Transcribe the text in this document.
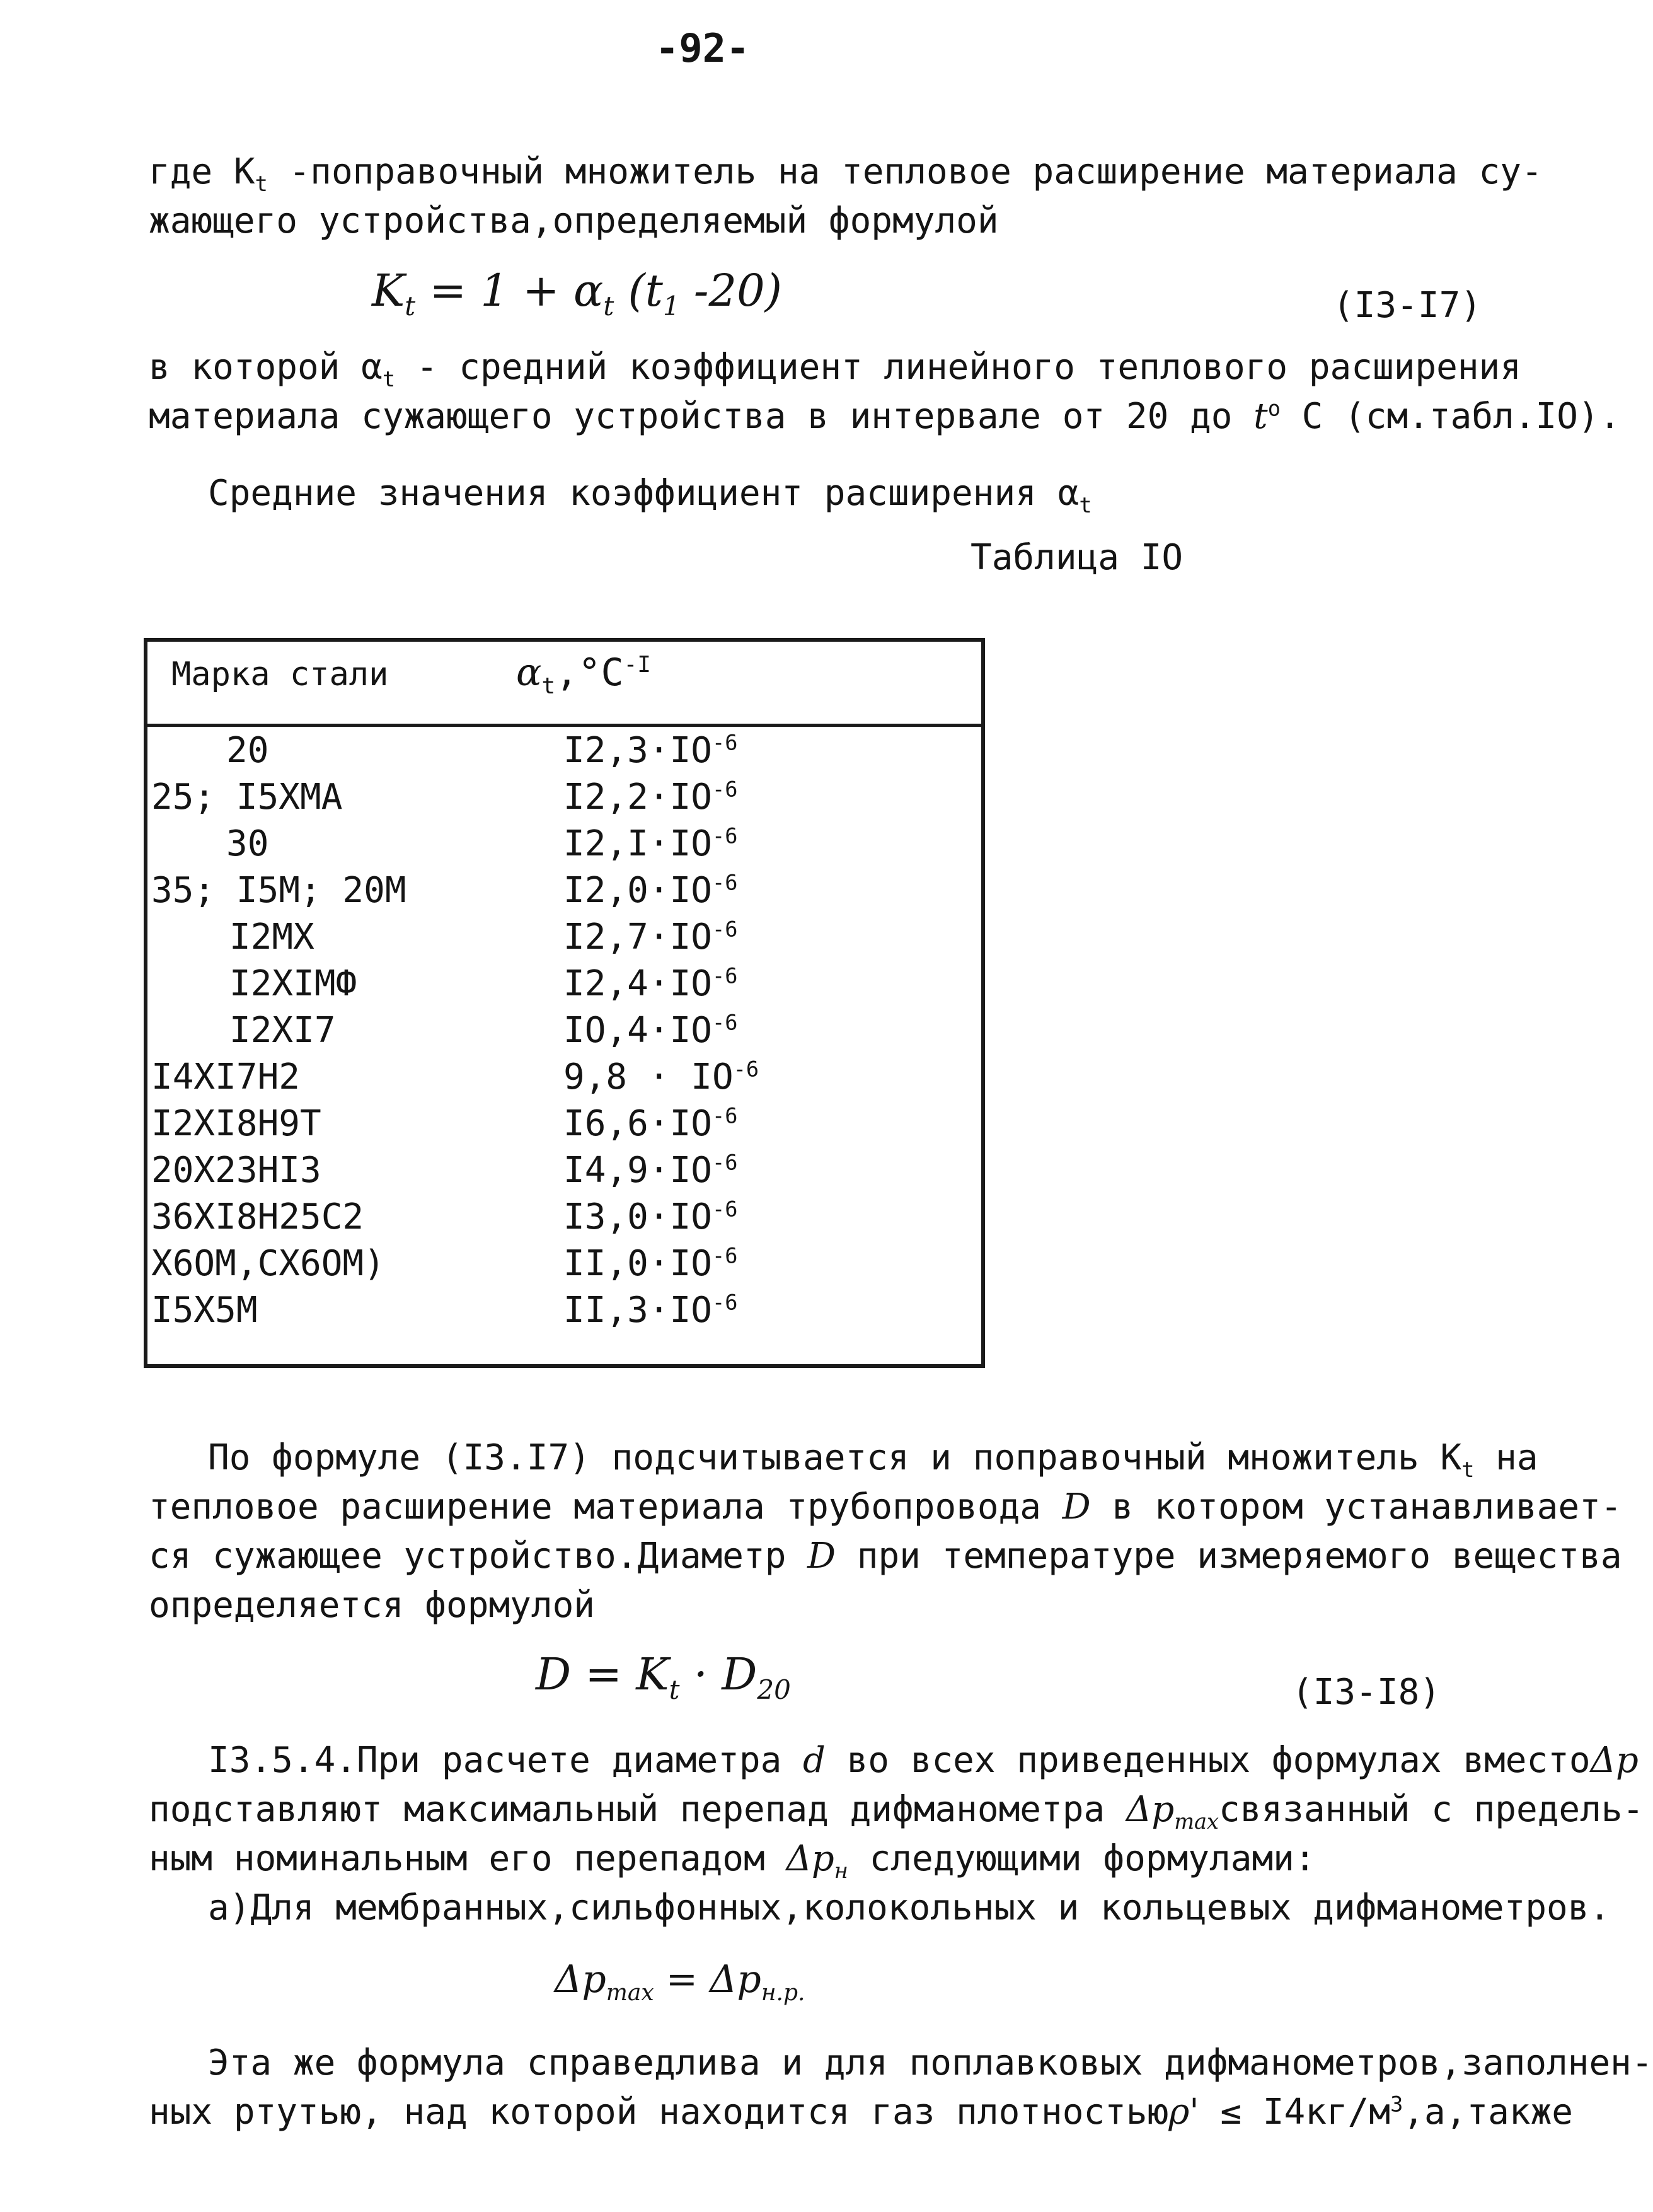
-92-
где $K_t$ -поправочный множитель на тепловое расширение материала су-
жающего устройства,определяемый формулой
$K_t = 1 + \alpha_t$ ($t_1$ -20)	(I3-I7)
в которой $\alpha_t$ - средний коэффициент линейного теплового расширения
материала сужающего устройства в интервале от 20 до $t^o$ С (см.табл.IO).
Средние значения коэффициент расширения $\alpha_t$
Таблица IO
Марка стали	$\alpha_t,^\circ C^{-I}$
20	$I2,3\cdot IO^{-6}$
25; I5XMA	$I2,2\cdot IO^{-6}$
30	$I2,I\cdot IO^{-6}$
35; I5M; 20M	$I2,0\cdot IO^{-6}$
I2MX	$I2,7\cdot IO^{-6}$
I2XIMФ	$I2,4\cdot IO^{-6}$
I2XI7	$IO,4\cdot IO^{-6}$
I4XI7H2	$9,8 \cdot IO^{-6}$
I2XI8H9T	$I6,6\cdot IO^{-6}$
20X23HI3	$I4,9\cdot IO^{-6}$
36XI8H25C2	$I3,0\cdot IO^{-6}$
X6OM,CX6OM)	$II,0\cdot IO^{-6}$
I5X5M	$II,3\cdot IO^{-6}$
По формуле (I3.I7) подсчитывается и поправочный множитель $K_t$ на
тепловое расширение материала трубопровода D в котором устанавливает-
ся сужающее устройство.Диаметр D при температуре измеряемого вещества
определяется формулой
$D = K_t \cdot D_{20}$	(I3-I8)
I3.5.4.При расчете диаметра d во всех приведенных формулах вместоΔp
подставляют максимальный перепад дифманометра $\Delta p_{max}связанный$ с предель-
ным номинальным его перепадом $\Delta p_н$ следующими формулами:
а)Для мембранных,сильфонных,колокольных и кольцевых дифманометров.
$\Delta p_{max} = \Delta p_{н.р.}$
Эта же формула справедлива и для поплавковых дифманометров,заполнен-
ных ртутью, над которой находится газ плотностьюρ' ≤ $I4кг/м^3,а,также$
